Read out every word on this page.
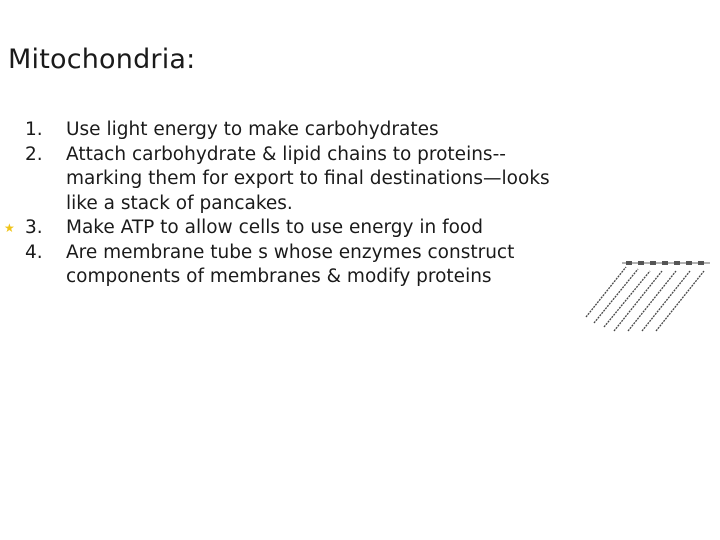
Mitochondria:
1.	Use light energy to make carbohydrates
2.	Attach carbohydrate & lipid chains to proteins--marking them for export to final destinations—looks like a stack of pancakes.
★ 3.	Make ATP to allow cells to use energy in food
4.	Are membrane tube s whose enzymes construct components of membranes & modify proteins
